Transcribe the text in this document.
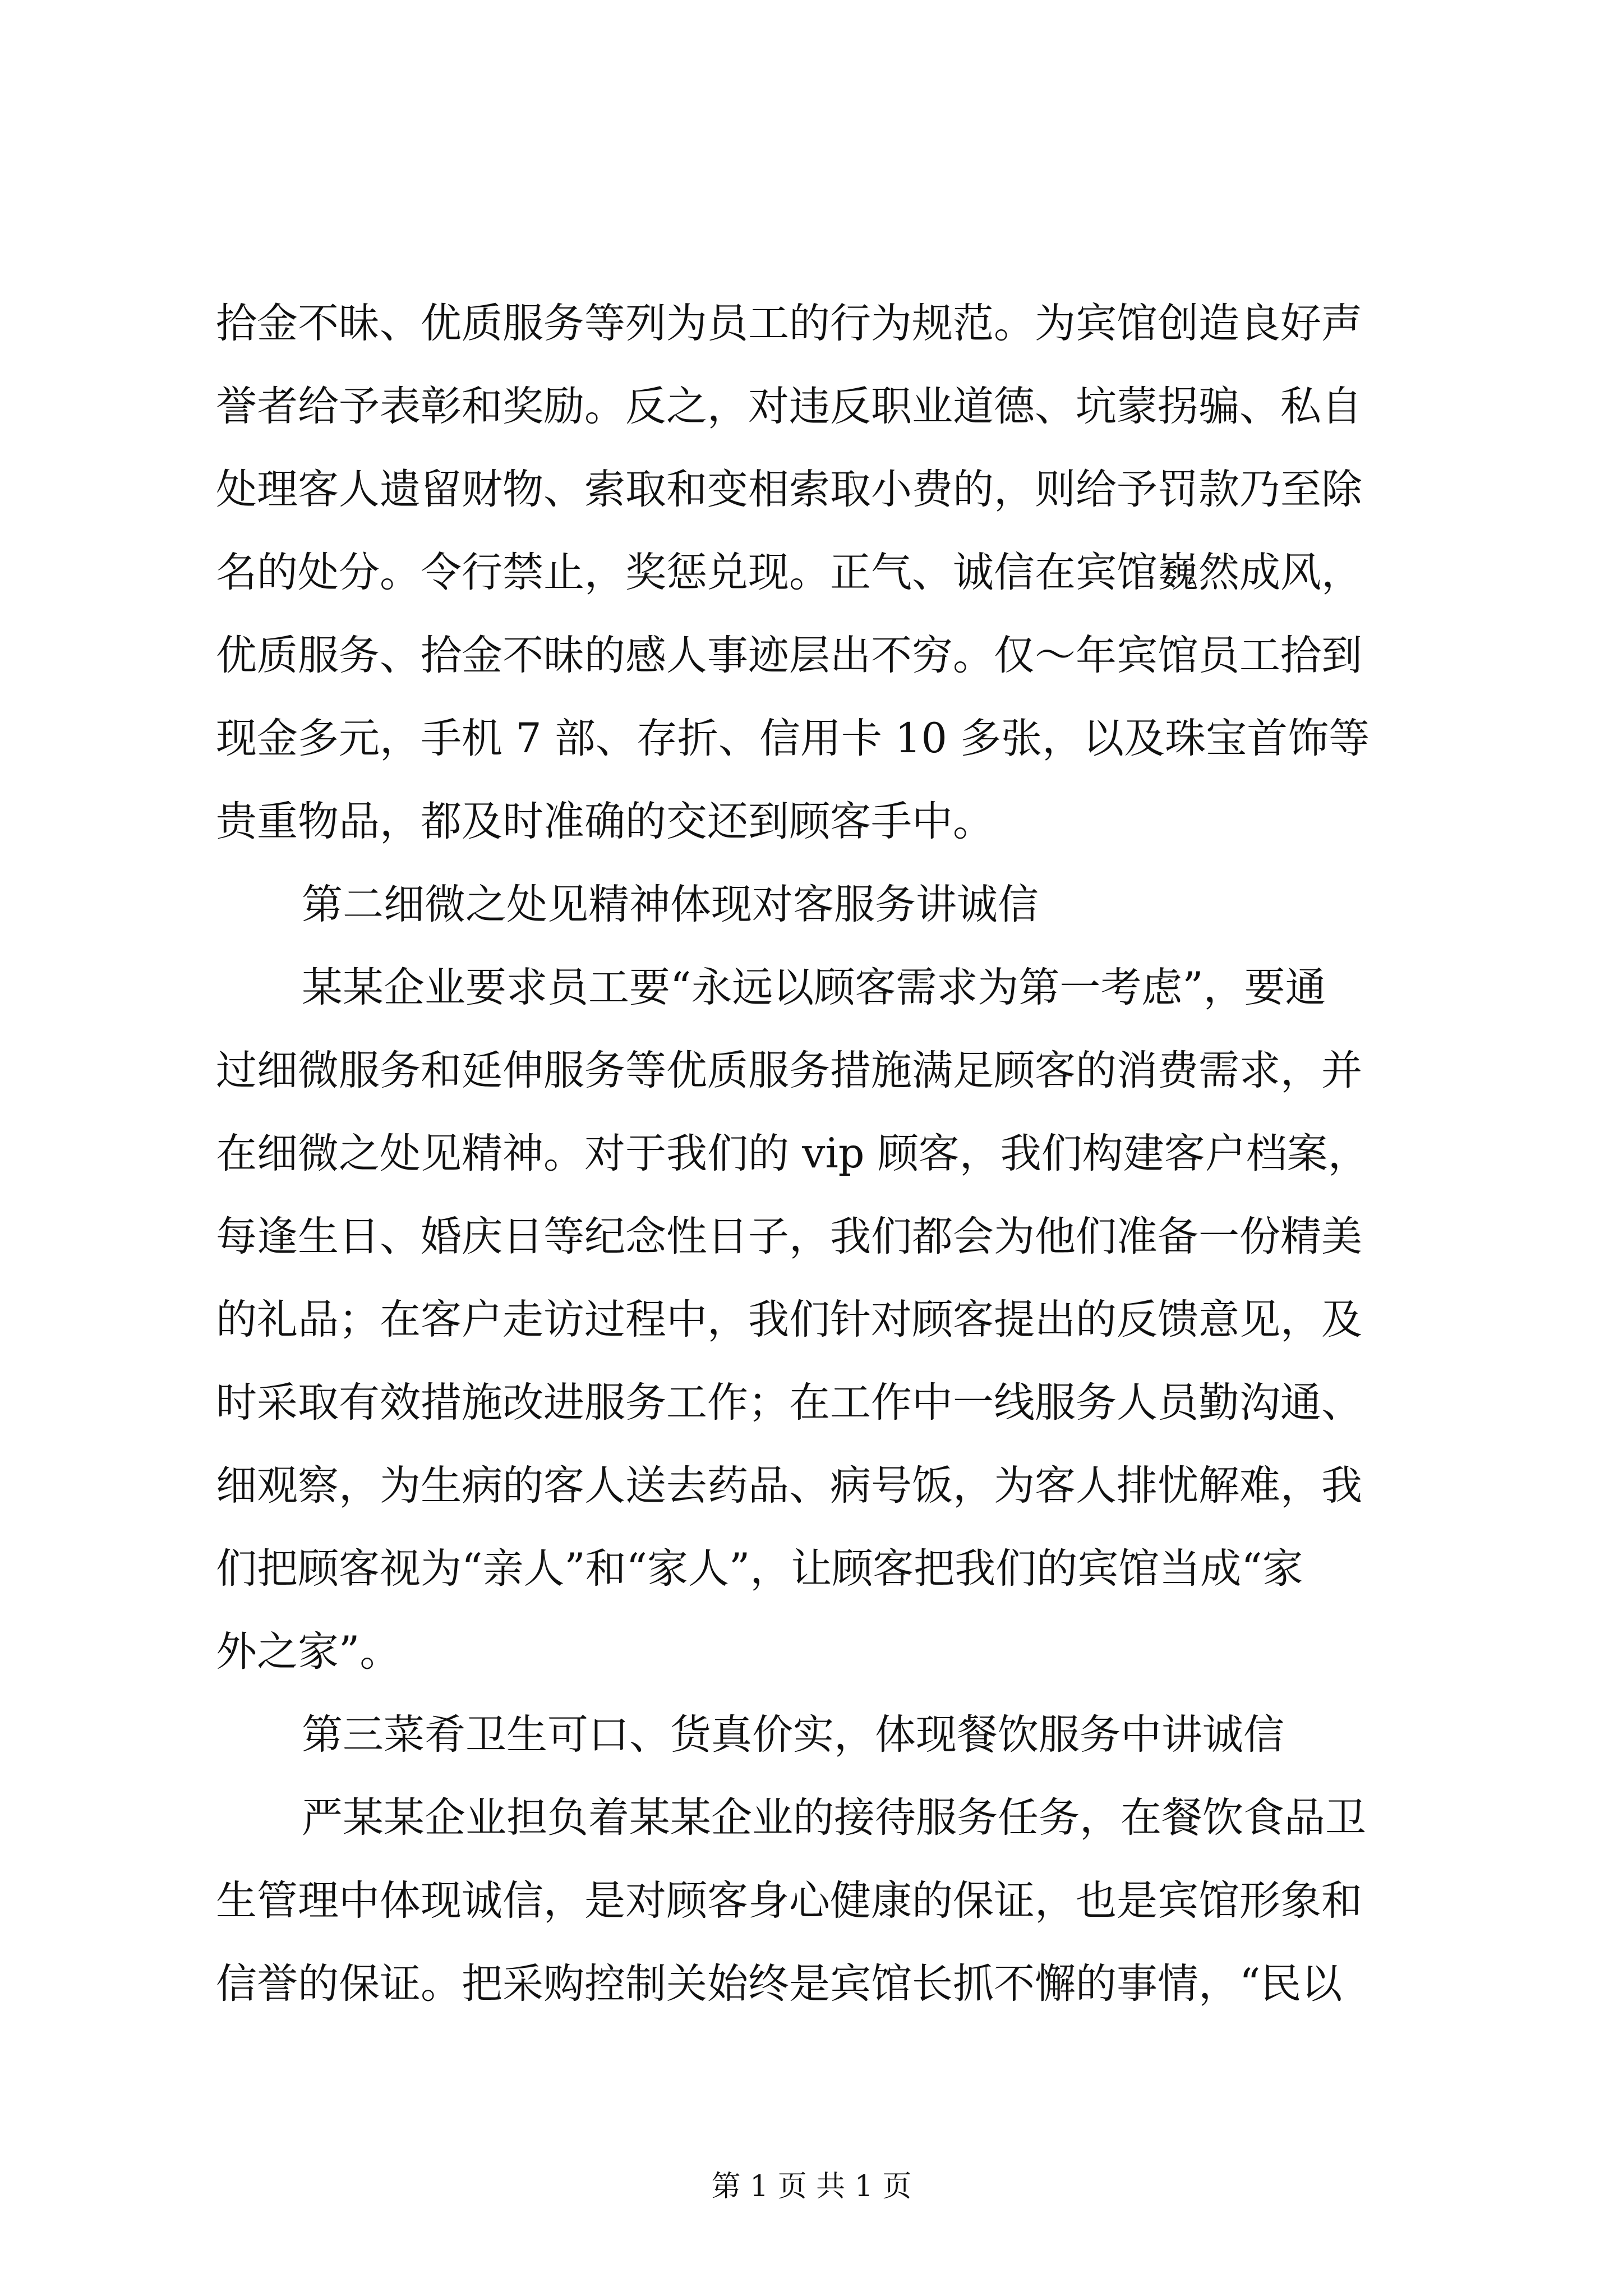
拾金不昧、优质服务等列为员工的行为规范。为宾馆创造良好声
誉者给予表彰和奖励。反之，对违反职业道德、坑蒙拐骗、私自
处理客人遗留财物、索取和变相索取小费的，则给予罚款乃至除
名的处分。令行禁止，奖惩兑现。正气、诚信在宾馆巍然成风，
优质服务、拾金不昧的感人事迹层出不穷。仅～年宾馆员工拾到
现金多元，手机 7 部、存折、信用卡 10 多张，以及珠宝首饰等
贵重物品，都及时准确的交还到顾客手中。
第二细微之处见精神体现对客服务讲诚信
某某企业要求员工要“永远以顾客需求为第一考虑”，要通
过细微服务和延伸服务等优质服务措施满足顾客的消费需求，并
在细微之处见精神。对于我们的 vip 顾客，我们构建客户档案，
每逢生日、婚庆日等纪念性日子，我们都会为他们准备一份精美
的礼品；在客户走访过程中，我们针对顾客提出的反馈意见，及
时采取有效措施改进服务工作；在工作中一线服务人员勤沟通、
细观察，为生病的客人送去药品、病号饭，为客人排忧解难，我
们把顾客视为“亲人”和“家人”，让顾客把我们的宾馆当成“家
外之家”。
第三菜肴卫生可口、货真价实，体现餐饮服务中讲诚信
严某某企业担负着某某企业的接待服务任务，在餐饮食品卫
生管理中体现诚信，是对顾客身心健康的保证，也是宾馆形象和
信誉的保证。把采购控制关始终是宾馆长抓不懈的事情，“民以
第 1 页 共 1 页
